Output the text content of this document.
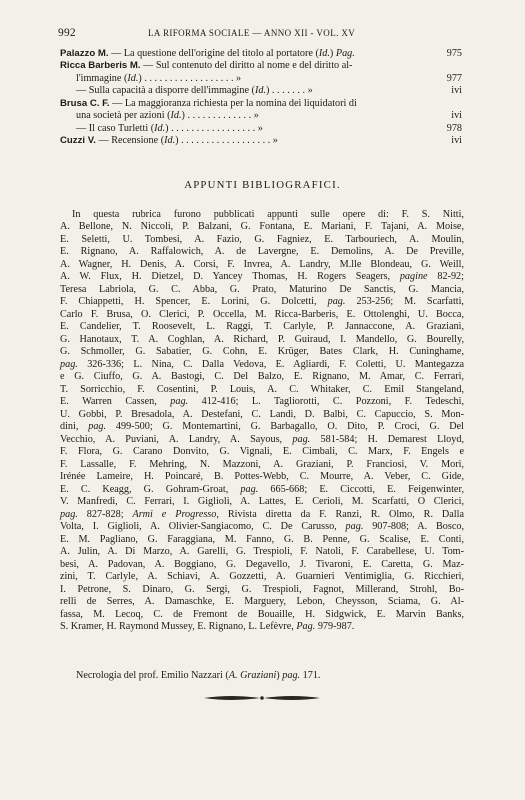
992	LA RIFORMA SOCIALE — ANNO XII - VOL. XV
Palazzo M. — La questione dell'origine del titolo al portatore (Id.) Pag.	975
Ricca Barberis M. — Sul contenuto del diritto al nome e del diritto al-
l'immagine (Id.) . . . . . . . . . . . . . . . . . . »	977
— Sulla capacità a disporre dell'immagine (Id.) . . . . . . . »	ivi
Brusa C. F. — La maggioranza richiesta per la nomina dei liquidatori di
una società per azioni (Id.) . . . . . . . . . . . . . »	ivi
— Il caso Turletti (Id.) . . . . . . . . . . . . . . . . . »	978
Cuzzi V. — Recensione (Id.) . . . . . . . . . . . . . . . . . . »	ivi
APPUNTI BIBLIOGRAFICI.
In questa rubrica furono pubblicati appunti sulle opere di: F. S. Nitti,
A. Bellone, N. Niccoli, P. Balzani, G. Fontana, E. Mariani, F. Tajani, A. Moise,
E. Seletti, U. Tombesi, A. Fazio, G. Fagniez, E. Tarbouriech, A. Moulin,
E. Rignano, A. Raffalowich, A. de Lavergne, E. Demolins, A. De Preville,
A. Wagner, H. Denis, A. Corsi, F. Invrea, A. Landry, M.lle Blondeau, G. Weill,
A. W. Flux, H. Dietzel, D. Yancey Thomas, H. Rogers Seagers, pagine 82-92;
Teresa Labriola, G. C. Abba, G. Prato, Maturino De Sanctis, G. Mancia,
F. Chiappetti, H. Spencer, E. Lorini, G. Dolcetti, pag. 253-256; M. Scarfatti,
Carlo F. Brusa, O. Clerici, P. Occella, M. Ricca-Barberis, E. Ottolenghi, U. Bocca,
E. Candelier, T. Roosevelt, L. Raggi, T. Carlyle, P. Jannaccone, A. Graziani,
G. Hanotaux, T. A. Coghlan, A. Richard, P. Guiraud, I. Mandello, G. Bourelly,
G. Schmoller, G. Sabatier, G. Cohn, E. Krüger, Bates Clark, H. Cuninghame,
pag. 326-336; L. Nina, C. Dalla Vedova, E. Agliardi, F. Coletti, U. Mantegazza
e G. Ciuffo, G. A. Bastogi, C. Del Balzo, E. Rignano, M. Amar, C. Ferrari,
T. Sorricchio, F. Cosentini, P. Louis, A. C. Whitaker, C. Emil Stangeland,
E. Warren Cassen, pag. 412-416; L. Tagliorotti, C. Pozzoni, F. Tedeschi,
U. Gobbi, P. Bresadola, A. Destefani, C. Landi, D. Balbi, C. Capuccio, S. Mon-
dini, pag. 499-500; G. Montemartini, G. Barbagallo, O. Dito, P. Croci, G. Del
Vecchio, A. Puviani, A. Landry, A. Sayous, pag. 581-584; H. Demarest Lloyd,
F. Flora, G. Carano Donvito, G. Vignali, E. Cimbali, C. Marx, F. Engels e
F. Lassalle, F. Mehring, N. Mazzoni, A. Graziani, P. Franciosi, V. Mori,
Irénée Lameire, H. Poincaré, B. Pottes-Webb, C. Mourre, A. Veber, C. Gide,
E. C. Keagg, G. Gohram-Groat, pag. 665-668; E. Ciccotti, E. Feigenwinter,
V. Manfredi, C. Ferrari, I. Giglioli, A. Lattes, E. Cerioli, M. Scarfatti, O Clerici,
pag. 827-828; Armi e Progresso, Rivista diretta da F. Ranzi, R. Olmo, R. Dalla
Volta, I. Giglioli, A. Olivier-Sangiacomo, C. De Carusso, pag. 907-808; A. Bosco,
E. M. Pagliano, G. Faraggiana, M. Fanno, G. B. Penne, G. Scalise, E. Conti,
A. Julin, A. Di Marzo, A. Garelli, G. Trespioli, F. Natoli, F. Carabellese, U. Tom-
besi, A. Padovan, A. Boggiano, G. Degavello, J. Tivaroni, E. Caretta, G. Maz-
zini, T. Carlyle, A. Schiavi, A. Gozzetti, A. Guarnieri Ventimiglia, G. Ricchieri,
I. Petrone, S. Dinaro, G. Sergi, G. Trespioli, Fagnot, Millerand, Strohl, Bo-
relli de Serres, A. Damaschke, E. Marguery, Lebon, Cheysson, Sciama, G. Al-
fassa, M. Lecoq, C. de Fremont de Bouaille, H. Sidgwick, E. Marvin Banks,
S. Kramer, H. Raymond Mussey, E. Rignano, L. Lefèvre, Pag. 979-987.
Necrologia del prof. Emilio Nazzari (A. Graziani) pag. 171.
